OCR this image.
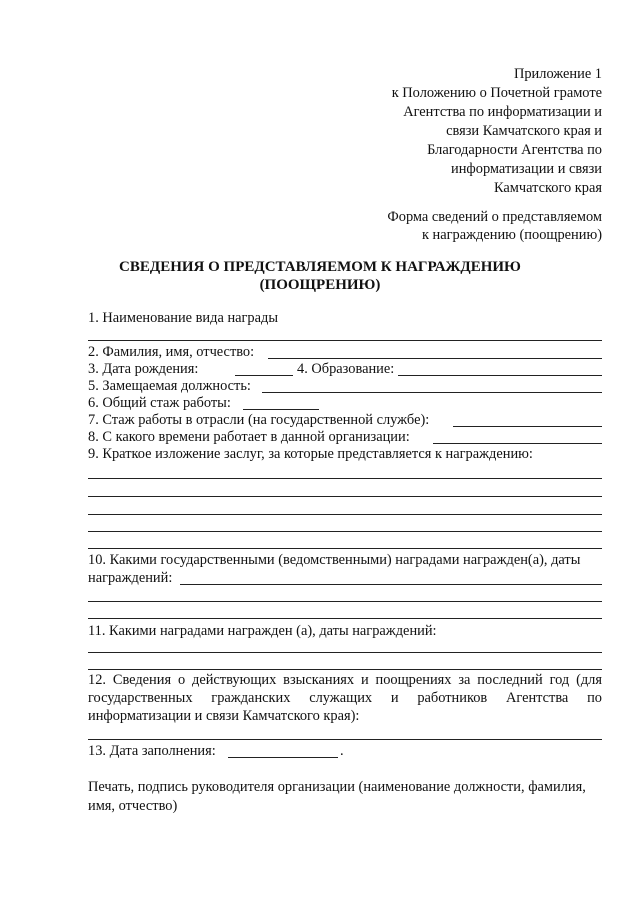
Приложение 1
к Положению о Почетной грамоте
Агентства по информатизации и
связи Камчатского края и
Благодарности Агентства по
информатизации и связи
Камчатского края
Форма сведений о представляемом
к награждению (поощрению)
СВЕДЕНИЯ О ПРЕДСТАВЛЯЕМОМ К НАГРАЖДЕНИЮ
(ПООЩРЕНИЮ)
1. Наименование вида награды
2. Фамилия, имя, отчество:
3. Дата рождения:	4. Образование:
5. Замещаемая должность:
6. Общий стаж работы:
7. Стаж работы в отрасли (на государственной службе):
8. С какого времени работает в данной организации:
9. Краткое изложение заслуг, за которые представляется к награждению:
10. Какими государственными (ведомственными) наградами награжден(а), даты
награждений:
11. Какими наградами награжден (а), даты награждений:
12. Сведения о действующих взысканиях и поощрениях за последний год (для
государственных гражданских служащих и работников Агентства по
информатизации и связи Камчатского края):
13. Дата заполнения:	.
Печать, подпись руководителя организации (наименование должности, фамилия,
имя, отчество)
